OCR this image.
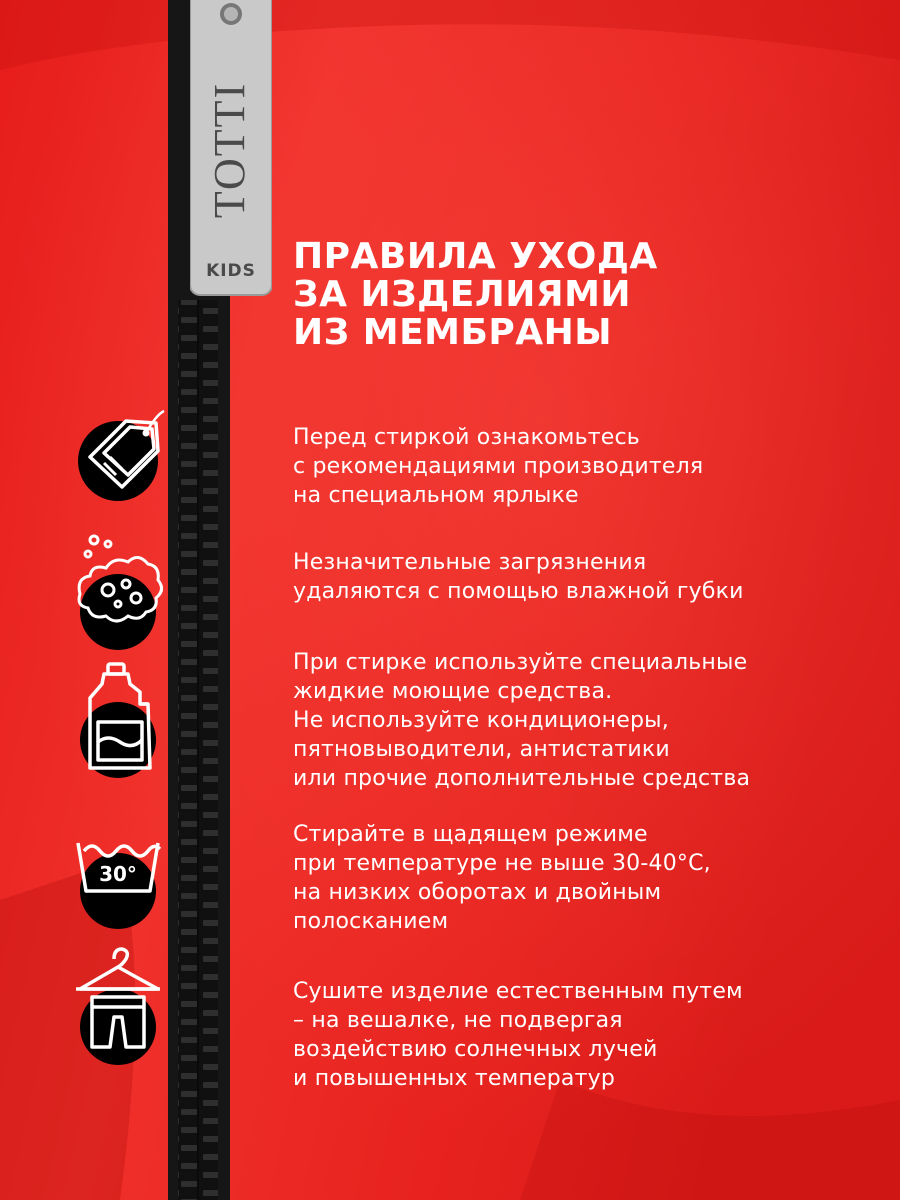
TOTTI
KIDS ПРАВИЛА УХОДА
ЗА ИЗДЕЛИЯМИ
ИЗ МЕМБРАНЫ
30°
Перед стиркой ознакомьтесь
с рекомендациями производителя
на специальном ярлыке
Незначительные загрязнения
удаляются с помощью влажной губки
При стирке используйте специальные
жидкие моющие средства.
Не используйте кондиционеры,
пятновыводители, антистатики
или прочие дополнительные средства
Стирайте в щадящем режиме
при температуре не выше 30-40°С,
на низких оборотах и двойным
полосканием
Сушите изделие естественным путем
– на вешалке, не подвергая
воздействию солнечных лучей
и повышенных температур
